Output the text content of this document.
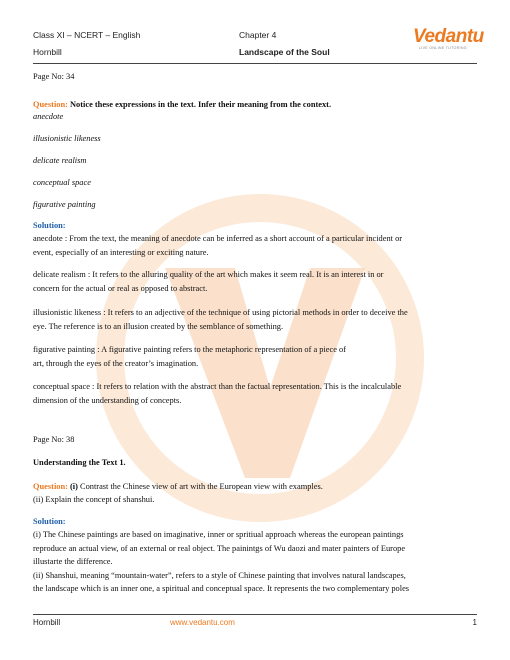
Class XI – NCERT – English	Chapter 4
Hornbill	Landscape of the Soul
Vedantu
LIVE ONLINE TUTORING
Page No: 34
Question: Notice these expressions in the text. Infer their meaning from the context.
anecdote
illusionistic likeness
delicate realism
conceptual space
figurative painting
Solution:
anecdote : From the text, the meaning of anecdote can be inferred as a short account of a particular incident or
event, especially of an interesting or exciting nature.
delicate realism : It refers to the alluring quality of the art which makes it seem real. It is an interest in or
concern for the actual or real as opposed to abstract.
illusionistic likeness : It refers to an adjective of the technique of using pictorial methods in order to deceive the
eye. The reference is to an illusion created by the semblance of something.
figurative painting : A figurative painting refers to the metaphoric representation of a piece of
art, through the eyes of the creator’s imagination.
conceptual space : It refers to relation with the abstract than the factual representation. This is the incalculable
dimension of the understanding of concepts.
Page No: 38
Understanding the Text 1.
Question: (i) Contrast the Chinese view of art with the European view with examples.
(ii) Explain the concept of shanshui.
Solution:
(i) The Chinese paintings are based on imaginative, inner or spritiual approach whereas the european paintings
reproduce an actual view, of an external or real object. The painintgs of Wu daozi and mater painters of Europe
illustarte the difference.
(ii) Shanshui, meaning “mountain-water”, refers to a style of Chinese painting that involves natural landscapes,
the landscape which is an inner one, a spiritual and conceptual space. It represents the two complementary poles
Hornbill	www.vedantu.com	1
